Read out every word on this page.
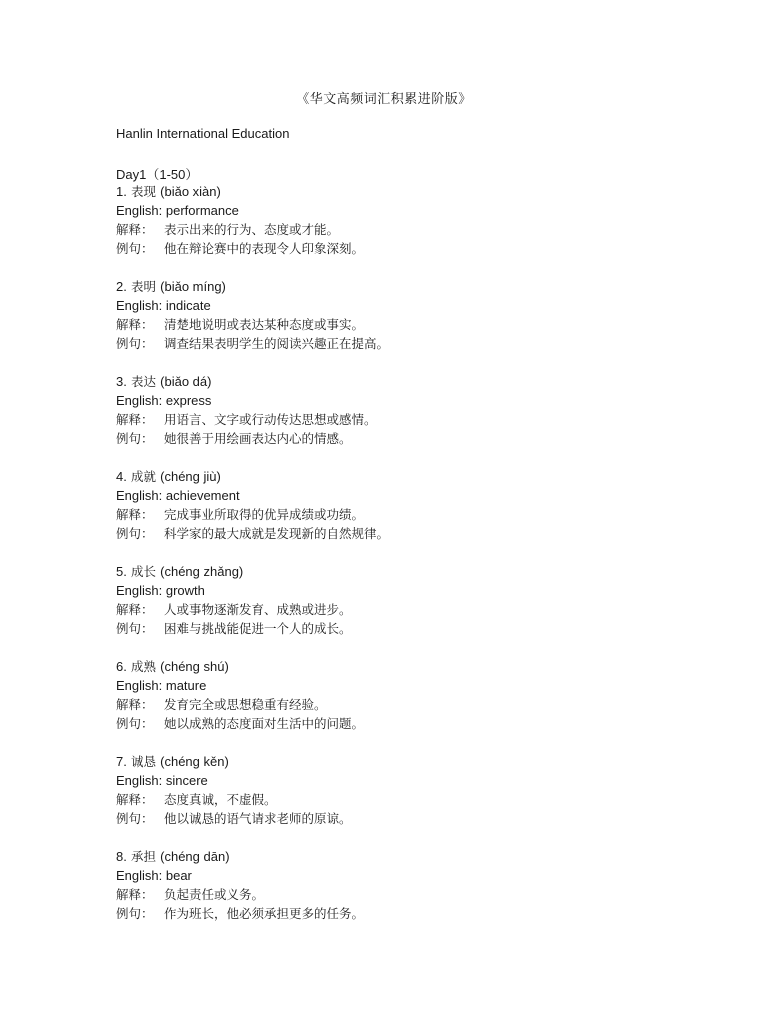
《华文高频词汇积累进阶版》
Hanlin International Education
Day1（1-50）
1. 表现 (biǎo xiàn)
English: performance
解释： 表示出来的行为、态度或才能。
例句： 他在辩论赛中的表现令人印象深刻。
2. 表明 (biǎo míng)
English: indicate
解释： 清楚地说明或表达某种态度或事实。
例句： 调查结果表明学生的阅读兴趣正在提高。
3. 表达 (biǎo dá)
English: express
解释： 用语言、文字或行动传达思想或感情。
例句： 她很善于用绘画表达内心的情感。
4. 成就 (chéng jiù)
English: achievement
解释： 完成事业所取得的优异成绩或功绩。
例句： 科学家的最大成就是发现新的自然规律。
5. 成长 (chéng zhǎng)
English: growth
解释： 人或事物逐渐发育、成熟或进步。
例句： 困难与挑战能促进一个人的成长。
6. 成熟 (chéng shú)
English: mature
解释： 发育完全或思想稳重有经验。
例句： 她以成熟的态度面对生活中的问题。
7. 诚恳 (chéng kěn)
English: sincere
解释： 态度真诚，不虚假。
例句： 他以诚恳的语气请求老师的原谅。
8. 承担 (chéng dān)
English: bear
解释： 负起责任或义务。
例句： 作为班长，他必须承担更多的任务。
